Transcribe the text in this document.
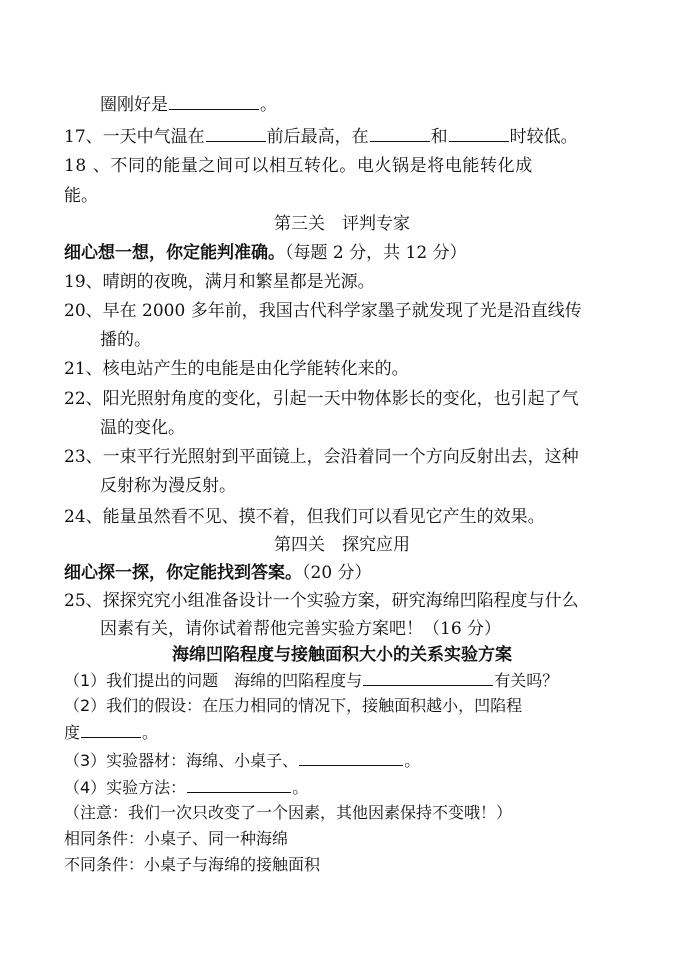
圈刚好是	。
17、一天中气温在	前后最高，在	和	时较低。
18 、不同的能量之间可以相互转化。电火锅是将电能转化成
能。
第三关　评判专家
细心想一想，你定能判准确。（每题 2 分，共 12 分）
19、晴朗的夜晚，满月和繁星都是光源。
20、早在 2000 多年前，我国古代科学家墨子就发现了光是沿直线传
播的。
21、核电站产生的电能是由化学能转化来的。
22、阳光照射角度的变化，引起一天中物体影长的变化，也引起了气
温的变化。
23、一束平行光照射到平面镜上，会沿着同一个方向反射出去，这种
反射称为漫反射。
24、能量虽然看不见、摸不着，但我们可以看见它产生的效果。
第四关　探究应用
细心探一探，你定能找到答案。（20 分）
25、探探究究小组准备设计一个实验方案，研究海绵凹陷程度与什么
因素有关，请你试着帮他完善实验方案吧！（16 分）
海绵凹陷程度与接触面积大小的关系实验方案
（1）我们提出的问题　海绵的凹陷程度与	有关吗？
（2）我们的假设：在压力相同的情况下，接触面积越小，凹陷程
度	。
（3）实验器材：海绵、小桌子、	。
（4）实验方法：	。
（注意：我们一次只改变了一个因素，其他因素保持不变哦！）
相同条件：小桌子、同一种海绵
不同条件：小桌子与海绵的接触面积
